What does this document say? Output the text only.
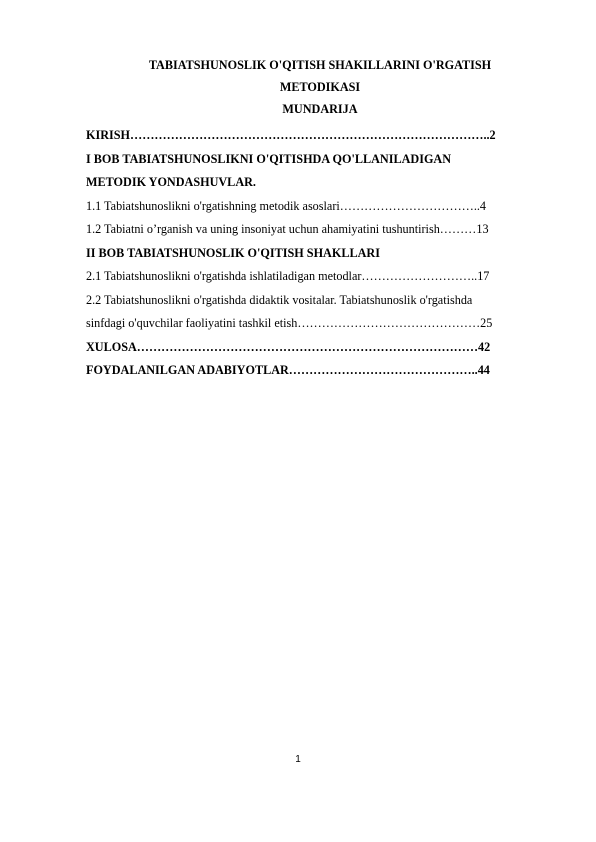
TABIATSHUNOSLIK O'QITISH SHAKILLARINI O'RGATISH
METODIKASI
MUNDARIJA
KIRISH……………………………………………………………………………..2
I BOB TABIATSHUNOSLIKNI O'QITISHDA QO'LLANILADIGAN
METODIK YONDASHUVLAR.
1.1 Tabiatshunoslikni o'rgatishning metodik asoslari……………………………..4
1.2 Tabiatni o’rganish va uning insoniyat uchun ahamiyatini tushuntirish………13
II BOB TABIATSHUNOSLIK O'QITISH SHAKLLARI
2.1 Tabiatshunoslikni o'rgatishda ishlatiladigan metodlar………………………..17
2.2 Tabiatshunoslikni o'rgatishda didaktik vositalar. Tabiatshunoslik o'rgatishda
sinfdagi o'quvchilar faoliyatini tashkil etish………………………………………25
XULOSA…………………………………………………………………………42
FOYDALANILGAN ADABIYOTLAR………………………………………..44
1
